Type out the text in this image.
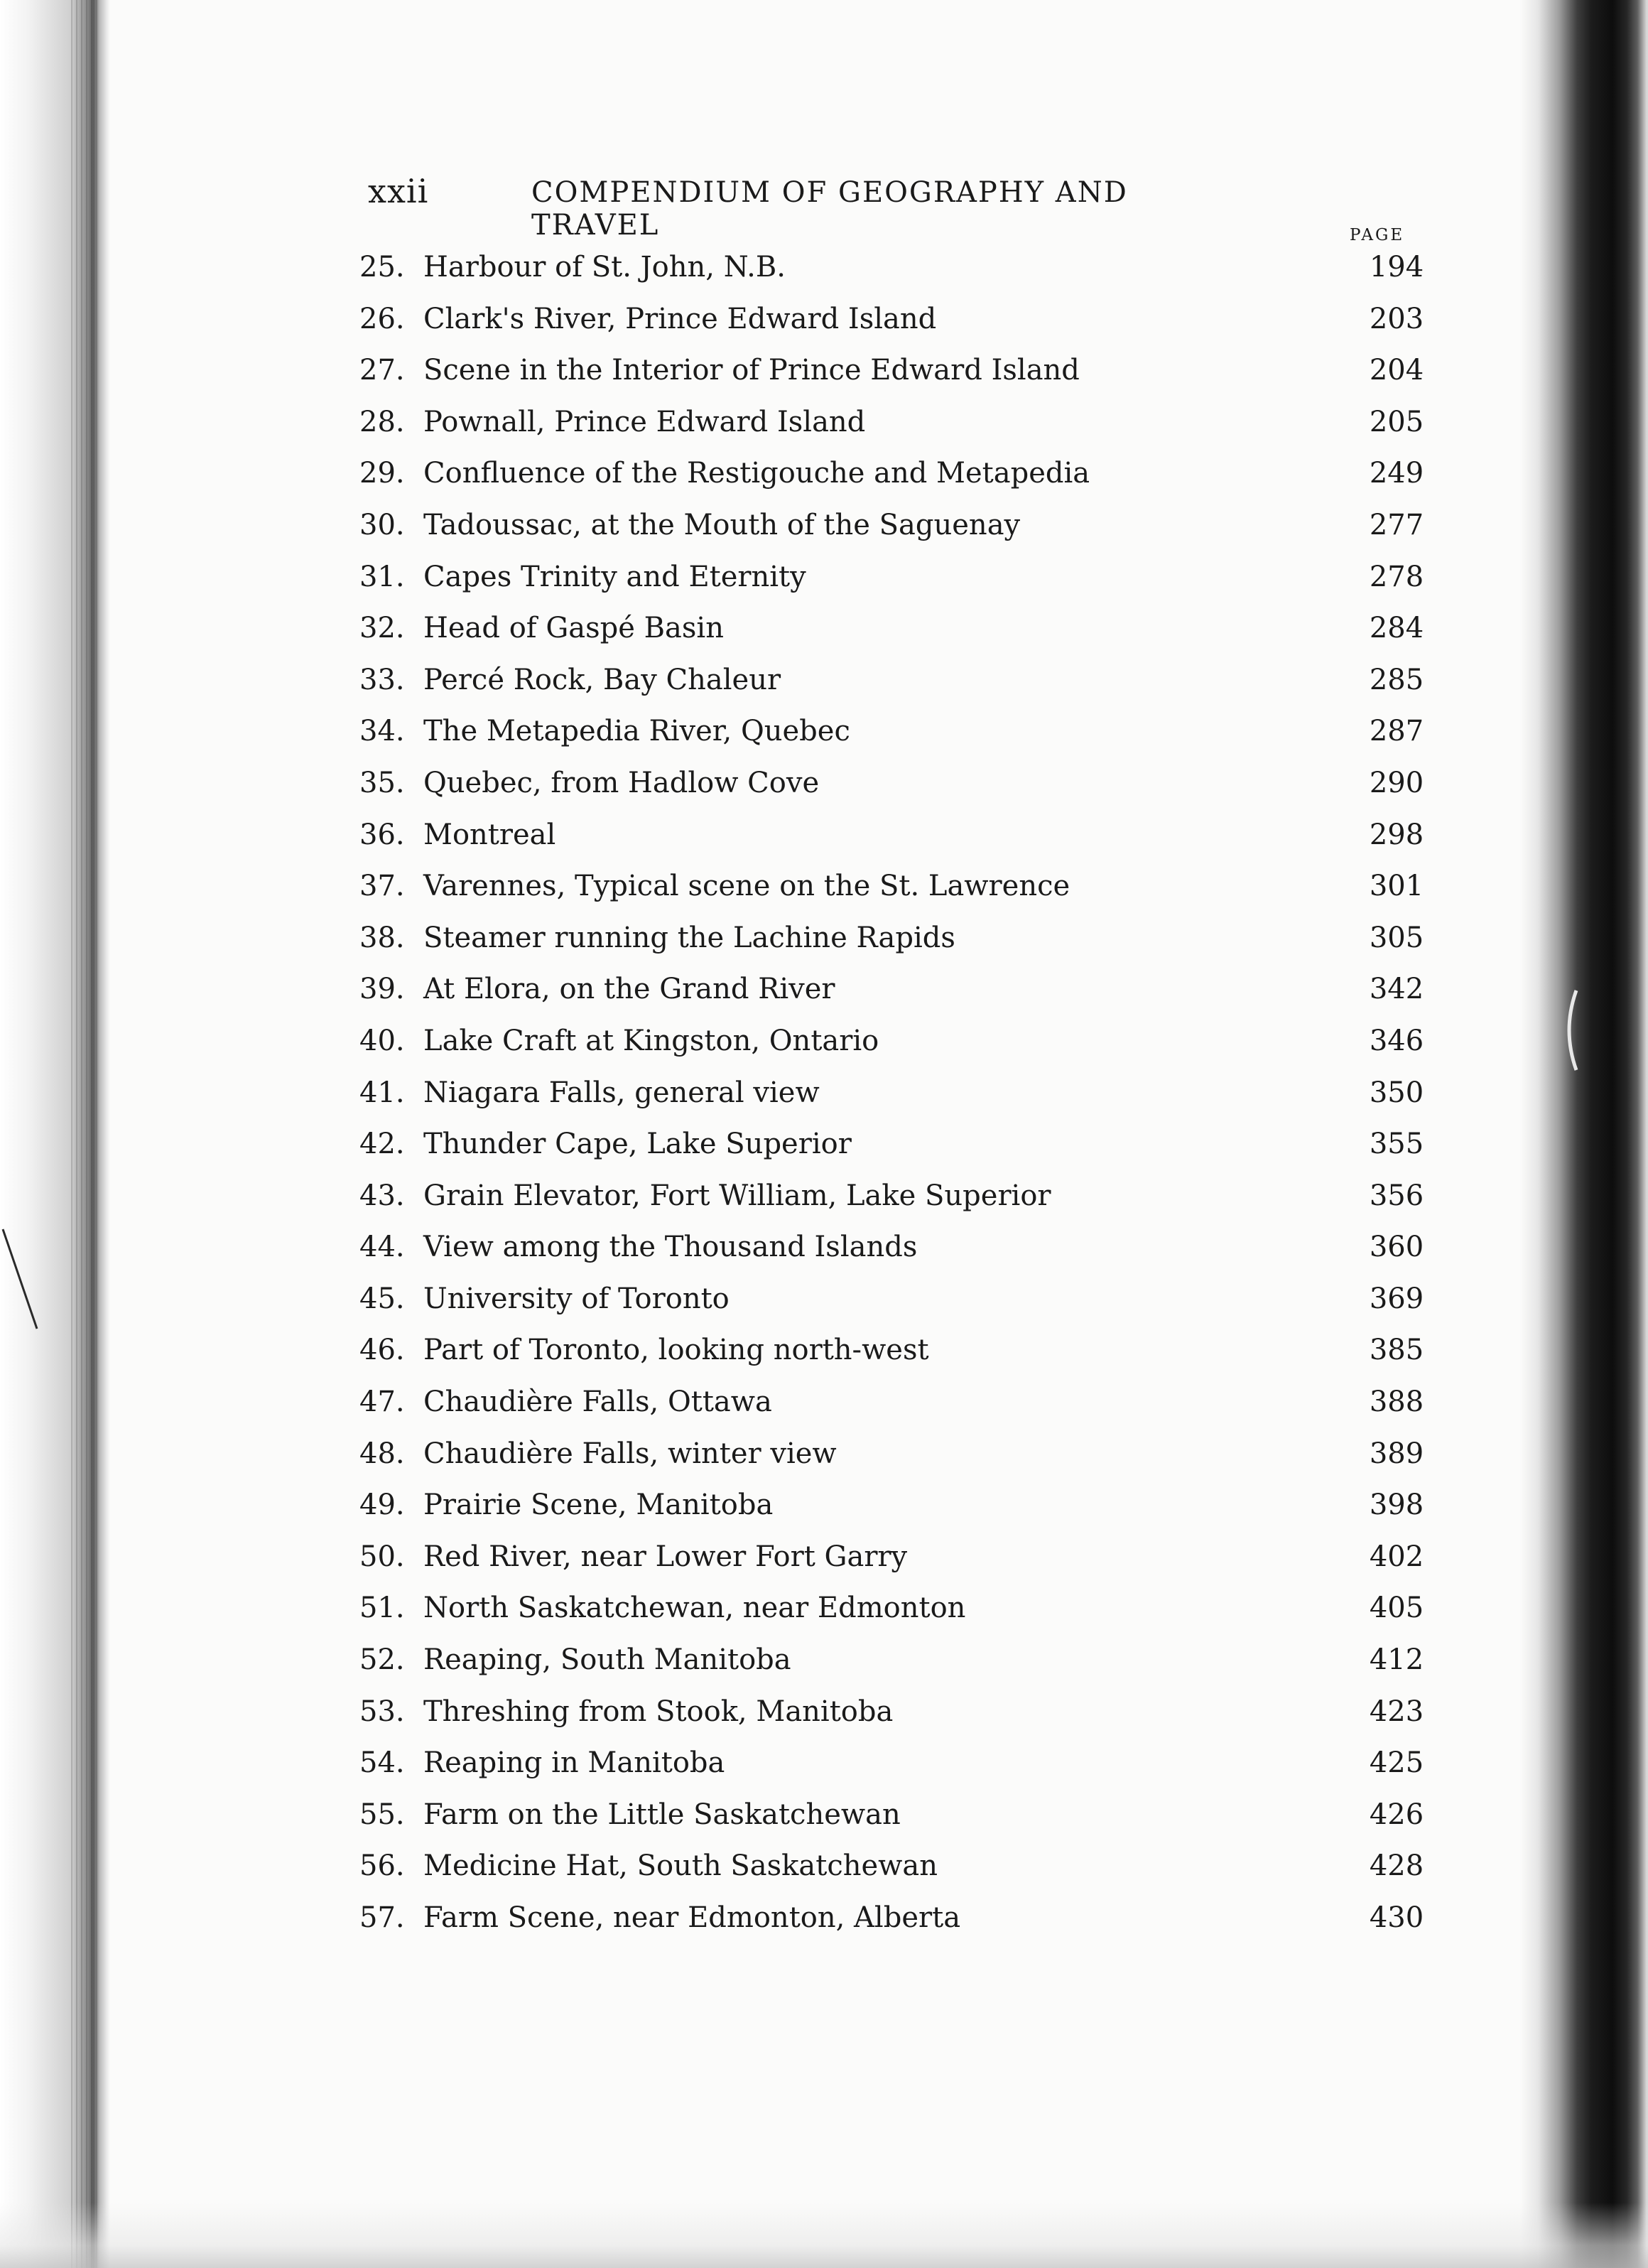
xxii	COMPENDIUM OF GEOGRAPHY AND TRAVEL	PAGE
25. Harbour of St. John, N.B.	194
26. Clark's River, Prince Edward Island	203
27. Scene in the Interior of Prince Edward Island	204
28. Pownall, Prince Edward Island	205
29. Confluence of the Restigouche and Metapedia	249
30. Tadoussac, at the Mouth of the Saguenay	277
31. Capes Trinity and Eternity	278
32. Head of Gaspé Basin	284
33. Percé Rock, Bay Chaleur	285
34. The Metapedia River, Quebec	287
35. Quebec, from Hadlow Cove	290
36. Montreal	298
37. Varennes, Typical scene on the St. Lawrence	301
38. Steamer running the Lachine Rapids	305
39. At Elora, on the Grand River	342
40. Lake Craft at Kingston, Ontario	346
41. Niagara Falls, general view	350
42. Thunder Cape, Lake Superior	355
43. Grain Elevator, Fort William, Lake Superior	356
44. View among the Thousand Islands	360
45. University of Toronto	369
46. Part of Toronto, looking north-west	385
47. Chaudière Falls, Ottawa	388
48. Chaudière Falls, winter view	389
49. Prairie Scene, Manitoba	398
50. Red River, near Lower Fort Garry	402
51. North Saskatchewan, near Edmonton	405
52. Reaping, South Manitoba	412
53. Threshing from Stook, Manitoba	423
54. Reaping in Manitoba	425
55. Farm on the Little Saskatchewan	426
56. Medicine Hat, South Saskatchewan	428
57. Farm Scene, near Edmonton, Alberta	430
